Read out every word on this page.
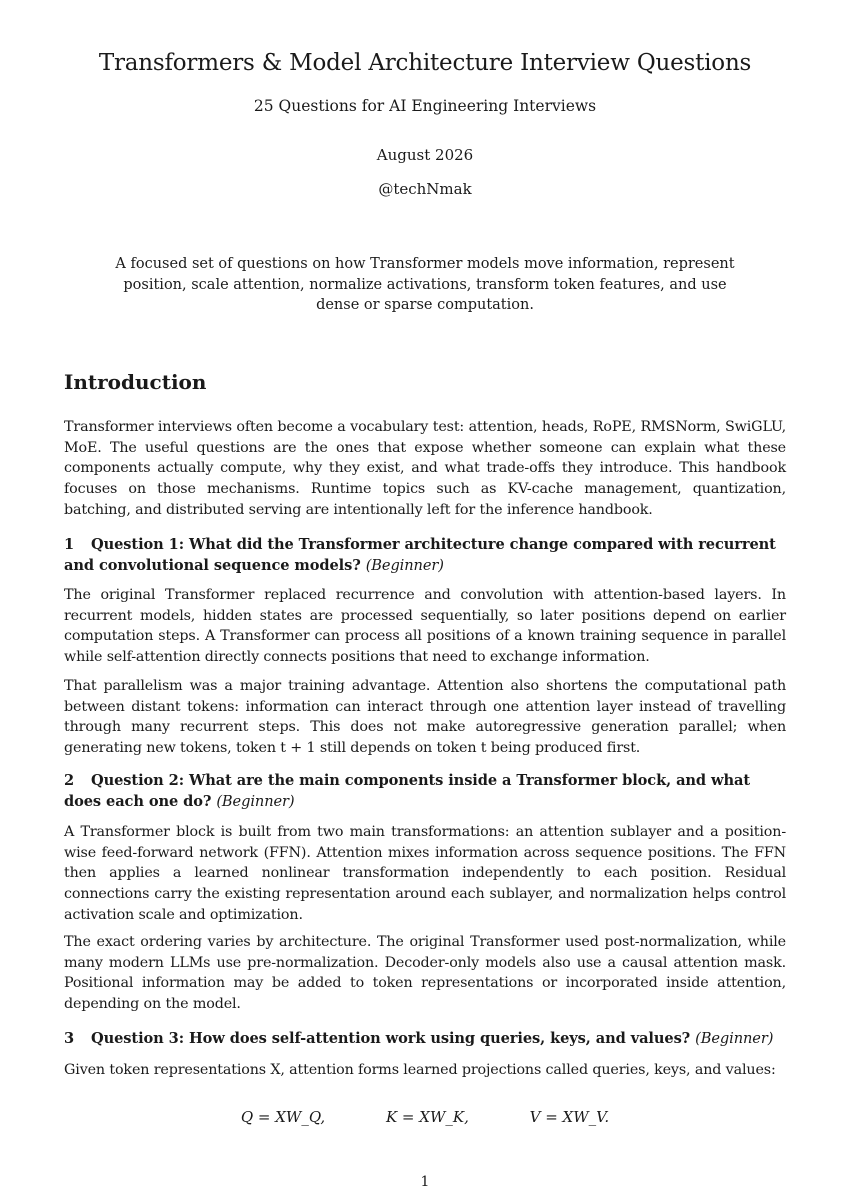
Transformers & Model Architecture Interview Questions
25 Questions for AI Engineering Interviews
August 2026
@techNmak
A focused set of questions on how Transformer models move information, represent position, scale attention, normalize activations, transform token features, and use dense or sparse computation.
Introduction
Transformer interviews often become a vocabulary test: attention, heads, RoPE, RMSNorm, SwiGLU, MoE. The useful questions are the ones that expose whether someone can explain what these components actually compute, why they exist, and what trade-offs they introduce. This handbook focuses on those mechanisms. Runtime topics such as KV-cache management, quantization, batching, and distributed serving are intentionally left for the inference handbook.
1 Question 1: What did the Transformer architecture change compared with recurrent and convolutional sequence models? (Beginner)
The original Transformer replaced recurrence and convolution with attention-based layers. In recurrent models, hidden states are processed sequentially, so later positions depend on earlier computation steps. A Transformer can process all positions of a known training sequence in parallel while self-attention directly connects positions that need to exchange information.
That parallelism was a major training advantage. Attention also shortens the computational path between distant tokens: information can interact through one attention layer instead of travelling through many recurrent steps. This does not make autoregressive generation parallel; when generating new tokens, token t + 1 still depends on token t being produced first.
2 Question 2: What are the main components inside a Transformer block, and what does each one do? (Beginner)
A Transformer block is built from two main transformations: an attention sublayer and a position-wise feed-forward network (FFN). Attention mixes information across sequence positions. The FFN then applies a learned nonlinear transformation independently to each position. Residual connections carry the existing representation around each sublayer, and normalization helps control activation scale and optimization.
The exact ordering varies by architecture. The original Transformer used post-normalization, while many modern LLMs use pre-normalization. Decoder-only models also use a causal attention mask. Positional information may be added to token representations or incorporated inside attention, depending on the model.
3 Question 3: How does self-attention work using queries, keys, and values? (Beginner)
Given token representations X, attention forms learned projections called queries, keys, and values:
Q = XW_Q,	K = XW_K,	V = XW_V.
1
